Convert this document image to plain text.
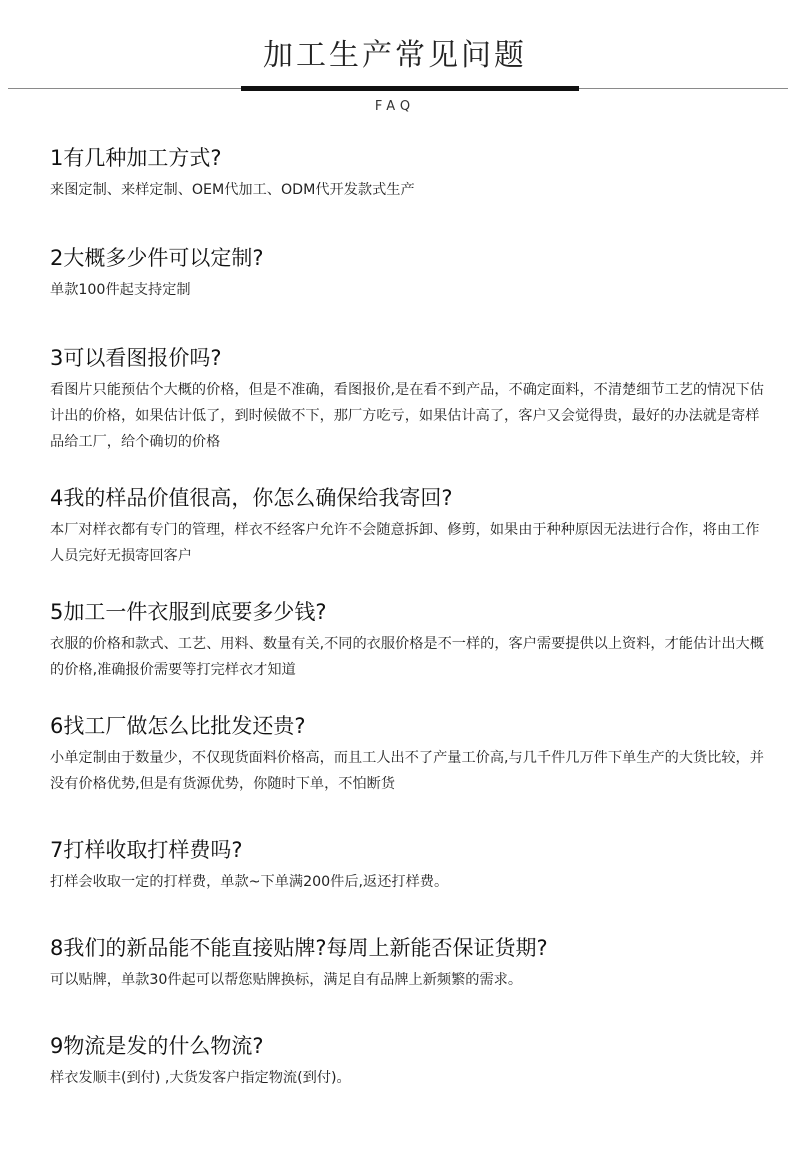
加工生产常见问题
FAQ
1有几种加工方式?
来图定制、来样定制、OEM代加工、ODM代开发款式生产
2大概多少件可以定制?
单款100件起支持定制
3可以看图报价吗?
看图片只能预估个大概的价格，但是不准确，看图报价,是在看不到产品，不确定面料，不清楚细节工艺的情况下估计出的价格，如果估计低了，到时候做不下，那厂方吃亏，如果估计高了，客户又会觉得贵，最好的办法就是寄样品给工厂，给个确切的价格
4我的样品价值很高，你怎么确保给我寄回?
本厂对样衣都有专门的管理，样衣不经客户允许不会随意拆卸、修剪，如果由于种种原因无法进行合作，将由工作人员完好无损寄回客户
5加工一件衣服到底要多少钱?
衣服的价格和款式、工艺、用料、数量有关,不同的衣服价格是不一样的，客户需要提供以上资料，才能估计出大概的价格,准确报价需要等打完样衣才知道
6找工厂做怎么比批发还贵?
小单定制由于数量少，不仅现货面料价格高，而且工人出不了产量工价高,与几千件几万件下单生产的大货比较，并没有价格优势,但是有货源优势，你随时下单，不怕断货
7打样收取打样费吗?
打样会收取一定的打样费，单款~下单满200件后,返还打样费。
8我们的新品能不能直接贴牌?每周上新能否保证货期?
可以贴牌，单款30件起可以帮您贴牌换标，满足自有品牌上新频繁的需求。
9物流是发的什么物流?
样衣发顺丰(到付) ,大货发客户指定物流(到付)。
